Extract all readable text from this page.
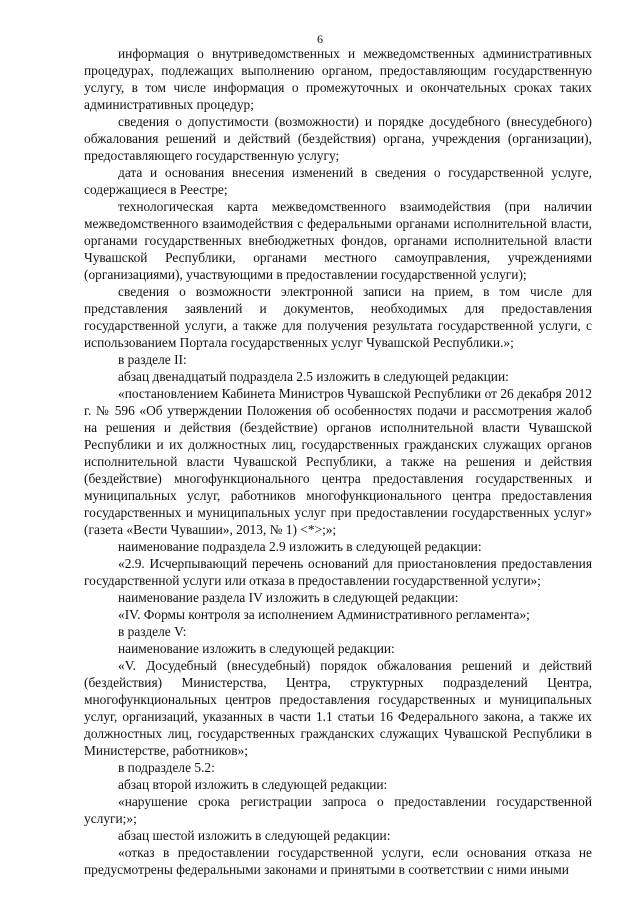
6

информация о внутриведомственных и межведомственных административных процедурах, подлежащих выполнению органом, предоставляющим государственную услугу, в том числе информация о промежуточных и окончательных сроках таких административных процедур;

сведения о допустимости (возможности) и порядке досудебного (внесудебного) обжалования решений и действий (бездействия) органа, учреждения (организации), предоставляющего государственную услугу;

дата и основания внесения изменений в сведения о государственной услуге, содержащиеся в Реестре;

технологическая карта межведомственного взаимодействия (при наличии межведомственного взаимодействия с федеральными органами исполнительной власти, органами государственных внебюджетных фондов, органами исполнительной власти Чувашской Республики, органами местного самоуправления, учреждениями (организациями), участвующими в предоставлении государственной услуги);

сведения о возможности электронной записи на прием, в том числе для представления заявлений и документов, необходимых для предоставления государственной услуги, а также для получения результата государственной услуги, с использованием Портала государственных услуг Чувашской Республики.»;

в разделе II:

абзац двенадцатый подраздела 2.5 изложить в следующей редакции:

«постановлением Кабинета Министров Чувашской Республики от 26 декабря 2012 г. № 596 «Об утверждении Положения об особенностях подачи и рассмотрения жалоб на решения и действия (бездействие) органов исполнительной власти Чувашской Республики и их должностных лиц, государственных гражданских служащих органов исполнительной власти Чувашской Республики, а также на решения и действия (бездействие) многофункционального центра предоставления государственных и муниципальных услуг, работников многофункционального центра предоставления государственных и муниципальных услуг при предоставлении государственных услуг» (газета «Вести Чувашии», 2013, № 1) <*>;»;

наименование подраздела 2.9 изложить в следующей редакции:

«2.9. Исчерпывающий перечень оснований для приостановления предоставления государственной услуги или отказа в предоставлении государственной услуги»;

наименование раздела IV изложить в следующей редакции:

«IV. Формы контроля за исполнением Административного регламента»;

в разделе V:

наименование изложить в следующей редакции:

«V. Досудебный (внесудебный) порядок обжалования решений и действий (бездействия) Министерства, Центра, структурных подразделений Центра, многофункциональных центров предоставления государственных и муниципальных услуг, организаций, указанных в части 1.1 статьи 16 Федерального закона, а также их должностных лиц, государственных гражданских служащих Чувашской Республики в Министерстве, работников»;

в подразделе 5.2:

абзац второй изложить в следующей редакции:

«нарушение срока регистрации запроса о предоставлении государственной услуги;»;

абзац шестой изложить в следующей редакции:

«отказ в предоставлении государственной услуги, если основания отказа не предусмотрены федеральными законами и принятыми в соответствии с ними иными
